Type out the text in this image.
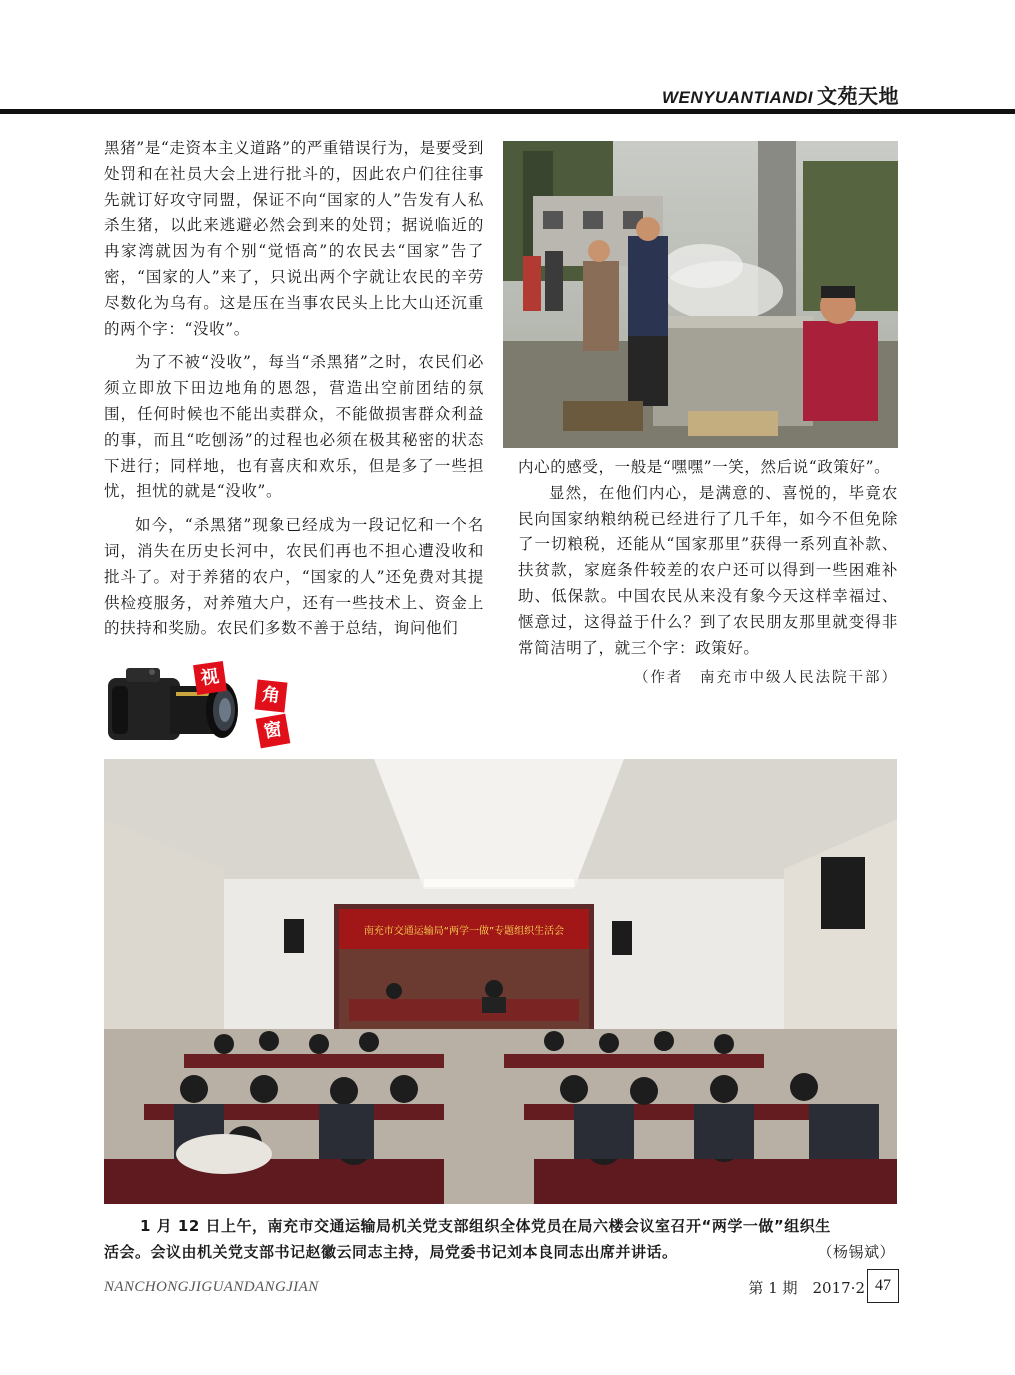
WENYUANTIANDI 文苑天地

黑猪”是“走资本主义道路”的严重错误行为，是要受到处罚和在社员大会上进行批斗的，因此农户们往往事先就订好攻守同盟，保证不向“国家的人”告发有人私杀生猪，以此来逃避必然会到来的处罚；据说临近的冉家湾就因为有个别“觉悟高”的农民去“国家”告了密，“国家的人”来了，只说出两个字就让农民的辛劳尽数化为乌有。这是压在当事农民头上比大山还沉重的两个字：“没收”。

为了不被“没收”，每当“杀黑猪”之时，农民们必须立即放下田边地角的恩怨，营造出空前团结的氛围，任何时候也不能出卖群众，不能做损害群众利益的事，而且“吃刨汤”的过程也必须在极其秘密的状态下进行；同样地，也有喜庆和欢乐，但是多了一些担忧，担忧的就是“没收”。

如今，“杀黑猪”现象已经成为一段记忆和一个名词，消失在历史长河中，农民们再也不担心遭没收和批斗了。对于养猪的农户，“国家的人”还免费对其提供检疫服务，对养殖大户，还有一些技术上、资金上的扶持和奖励。农民们多数不善于总结，询问他们

内心的感受，一般是“嘿嘿”一笑，然后说“政策好”。

显然，在他们内心，是满意的、喜悦的，毕竟农民向国家纳粮纳税已经进行了几千年，如今不但免除了一切粮税，还能从“国家那里”获得一系列直补款、扶贫款，家庭条件较差的农户还可以得到一些困难补助、低保款。中国农民从来没有象今天这样幸福过、惬意过，这得益于什么？到了农民朋友那里就变得非常简洁明了，就三个字：政策好。

（作者　南充市中级人民法院干部）
视
角
窗
南充市交通运输局“两学一做”专题组织生活会
1 月 12 日上午，南充市交通运输局机关党支部组织全体党员在局六楼会议室召开“两学一做”组织生
活会。会议由机关党支部书记赵徽云同志主持，局党委书记刘本良同志出席并讲话。	（杨锡斌）
NANCHONGJIGUANDANGJIAN	第 1 期　2017·2 47
